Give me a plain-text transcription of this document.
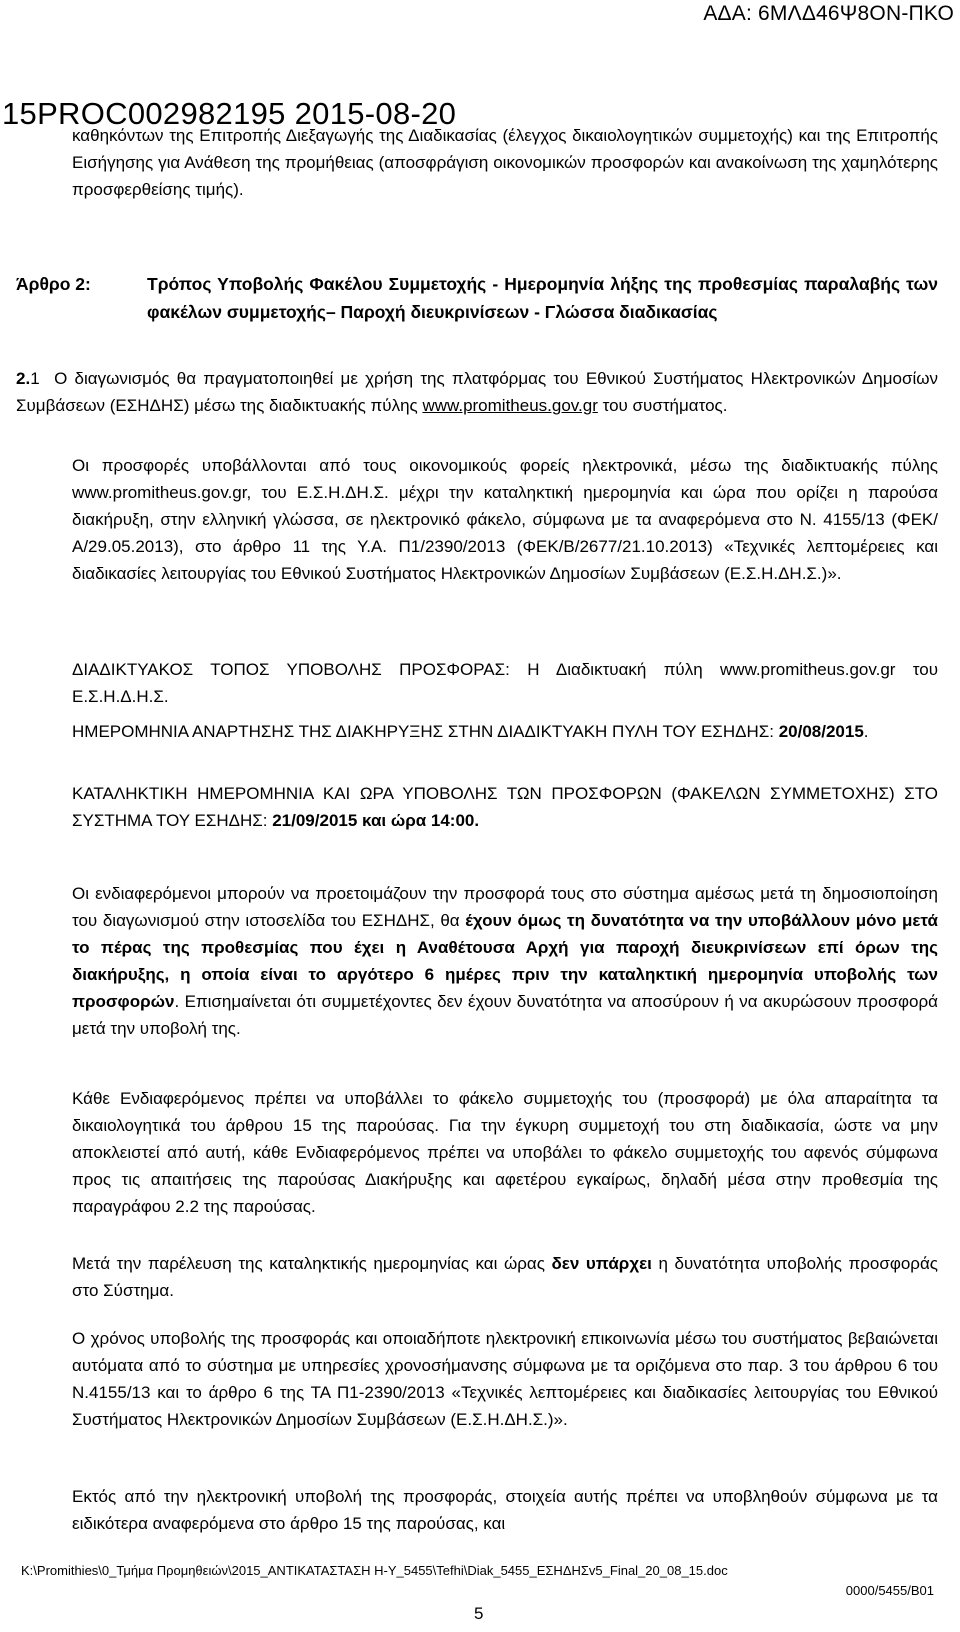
ΑΔΑ: 6ΜΛΔ46Ψ8ΟΝ-ΠΚΟ
15PROC002982195 2015-08-20

καθηκόντων της Επιτροπής Διεξαγωγής της Διαδικασίας (έλεγχος δικαιολογητικών συμμετοχής) και της Επιτροπής Εισήγησης για Ανάθεση της προμήθειας (αποσφράγιση οικονομικών προσφορών και ανακοίνωση της χαμηλότερης προσφερθείσης τιμής).

Άρθρο 2:	Τρόπος Υποβολής Φακέλου Συμμετοχής - Ημερομηνία λήξης της προθεσμίας παραλαβής των φακέλων συμμετοχής– Παροχή διευκρινίσεων - Γλώσσα διαδικασίας

2.1 Ο διαγωνισμός θα πραγματοποιηθεί με χρήση της πλατφόρμας του Εθνικού Συστήματος Ηλεκτρονικών Δημοσίων Συμβάσεων (ΕΣΗΔΗΣ) μέσω της διαδικτυακής πύλης www.promitheus.gov.gr του συστήματος.

Οι προσφορές υποβάλλονται από τους οικονομικούς φορείς ηλεκτρονικά, μέσω της διαδικτυακής πύλης www.promitheus.gov.gr, του Ε.Σ.Η.ΔΗ.Σ. μέχρι την καταληκτική ημερομηνία και ώρα που ορίζει η παρούσα διακήρυξη, στην ελληνική γλώσσα, σε ηλεκτρονικό φάκελο, σύμφωνα με τα αναφερόμενα στο Ν. 4155/13 (ΦΕΚ/Α/29.05.2013), στο άρθρο 11 της Υ.Α. Π1/2390/2013 (ΦΕΚ/Β/2677/21.10.2013) «Τεχνικές λεπτομέρειες και διαδικασίες λειτουργίας του Εθνικού Συστήματος Ηλεκτρονικών Δημοσίων Συμβάσεων (Ε.Σ.Η.ΔΗ.Σ.)».

ΔΙΑΔΙΚΤΥΑΚΟΣ ΤΟΠΟΣ ΥΠΟΒΟΛΗΣ ΠΡΟΣΦΟΡΑΣ: Η Διαδικτυακή πύλη www.promitheus.gov.gr του Ε.Σ.Η.Δ.Η.Σ.

ΗΜΕΡΟΜΗΝΙΑ ΑΝΑΡΤΗΣΗΣ ΤΗΣ ΔΙΑΚΗΡΥΞΗΣ ΣΤΗΝ ΔΙΑΔΙΚΤΥΑΚΗ ΠΥΛΗ ΤΟΥ ΕΣΗΔΗΣ: 20/08/2015.

ΚΑΤΑΛΗΚΤΙΚΗ ΗΜΕΡΟΜΗΝΙΑ ΚΑΙ ΩΡΑ ΥΠΟΒΟΛΗΣ ΤΩΝ ΠΡΟΣΦΟΡΩΝ (ΦΑΚΕΛΩΝ ΣΥΜΜΕΤΟΧΗΣ) ΣΤΟ ΣΥΣΤΗΜΑ ΤΟΥ ΕΣΗΔΗΣ: 21/09/2015 και ώρα 14:00.

Οι ενδιαφερόμενοι μπορούν να προετοιμάζουν την προσφορά τους στο σύστημα αμέσως μετά τη δημοσιοποίηση του διαγωνισμού στην ιστοσελίδα του ΕΣΗΔΗΣ, θα έχουν όμως τη δυνατότητα να την υποβάλλουν μόνο μετά το πέρας της προθεσμίας που έχει η Αναθέτουσα Αρχή για παροχή διευκρινίσεων επί όρων της διακήρυξης, η οποία είναι το αργότερο 6 ημέρες πριν την καταληκτική ημερομηνία υποβολής των προσφορών. Επισημαίνεται ότι συμμετέχοντες δεν έχουν δυνατότητα να αποσύρουν ή να ακυρώσουν προσφορά μετά την υποβολή της.

Κάθε Ενδιαφερόμενος πρέπει να υποβάλλει το φάκελο συμμετοχής του (προσφορά) με όλα απαραίτητα τα δικαιολογητικά του άρθρου 15 της παρούσας. Για την έγκυρη συμμετοχή του στη διαδικασία, ώστε να μην αποκλειστεί από αυτή, κάθε Ενδιαφερόμενος πρέπει να υποβάλει το φάκελο συμμετοχής του αφενός σύμφωνα προς τις απαιτήσεις της παρούσας Διακήρυξης και αφετέρου εγκαίρως, δηλαδή μέσα στην προθεσμία της παραγράφου 2.2 της παρούσας.

Μετά την παρέλευση της καταληκτικής ημερομηνίας και ώρας δεν υπάρχει η δυνατότητα υποβολής προσφοράς στο Σύστημα.

Ο χρόνος υποβολής της προσφοράς και οποιαδήποτε ηλεκτρονική επικοινωνία μέσω του συστήματος βεβαιώνεται αυτόματα από το σύστημα με υπηρεσίες χρονοσήμανσης σύμφωνα με τα οριζόμενα στο παρ. 3 του άρθρου 6 του Ν.4155/13 και το άρθρο 6 της ΤΑ Π1-2390/2013 «Τεχνικές λεπτομέρειες και διαδικασίες λειτουργίας του Εθνικού Συστήματος Ηλεκτρονικών Δημοσίων Συμβάσεων (Ε.Σ.Η.ΔΗ.Σ.)».

Εκτός από την ηλεκτρονική υποβολή της προσφοράς, στοιχεία αυτής πρέπει να υποβληθούν σύμφωνα με τα ειδικότερα αναφερόμενα στο άρθρο 15 της παρούσας, και

K:\Promithies\0_Τμήμα Προμηθειών\2015_ΑΝΤΙΚΑΤΑΣΤΑΣΗ Η-Υ_5455\Tefhi\Diak_5455_ΕΣΗΔΗΣv5_Final_20_08_15.doc
0000/5455/Β01
5
